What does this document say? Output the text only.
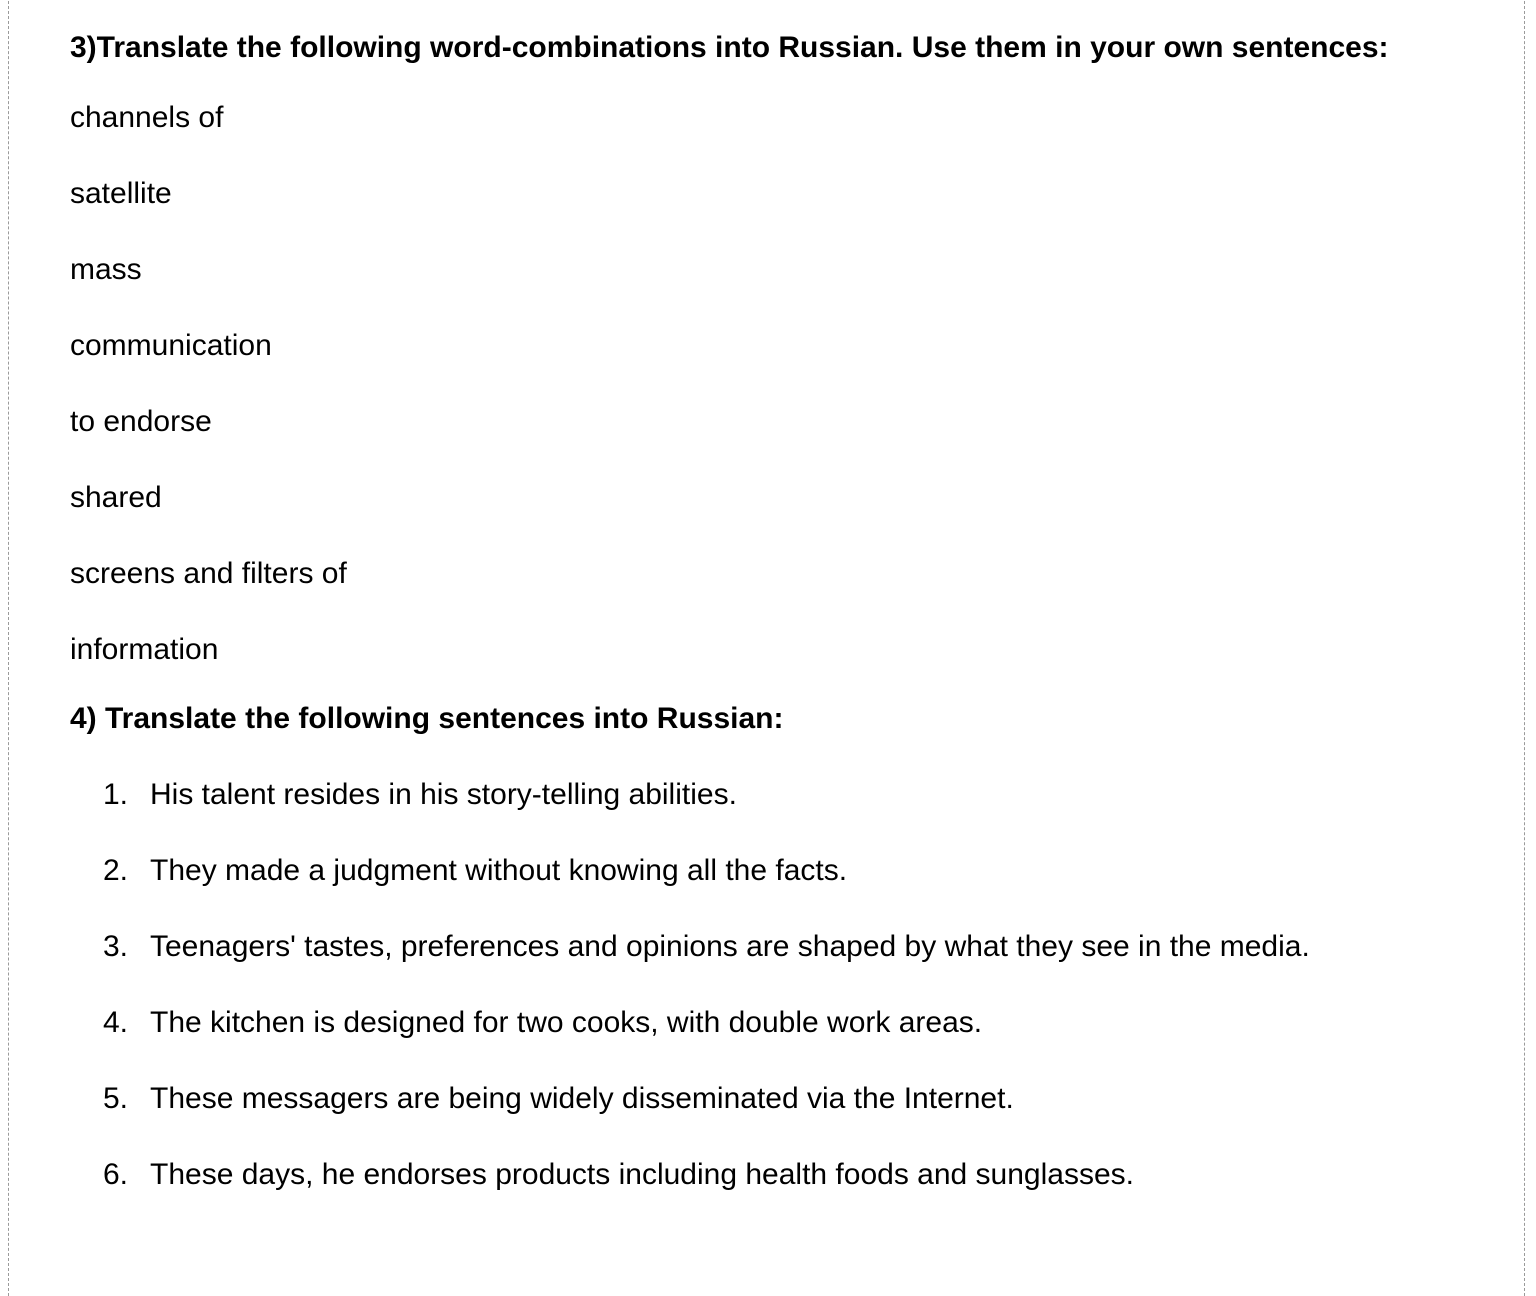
3)Translate the following word-combinations into Russian. Use them in your own sentences:

channels of
satellite
mass
communication
to endorse
shared
screens and filters of
information

4) Translate the following sentences into Russian:

1. His talent resides in his story-telling abilities.
2. They made a judgment without knowing all the facts.
3. Teenagers' tastes, preferences and opinions are shaped by what they see in the media.
4. The kitchen is designed for two cooks, with double work areas.
5. These messagers are being widely disseminated via the Internet.
6. These days, he endorses products including health foods and sunglasses.
